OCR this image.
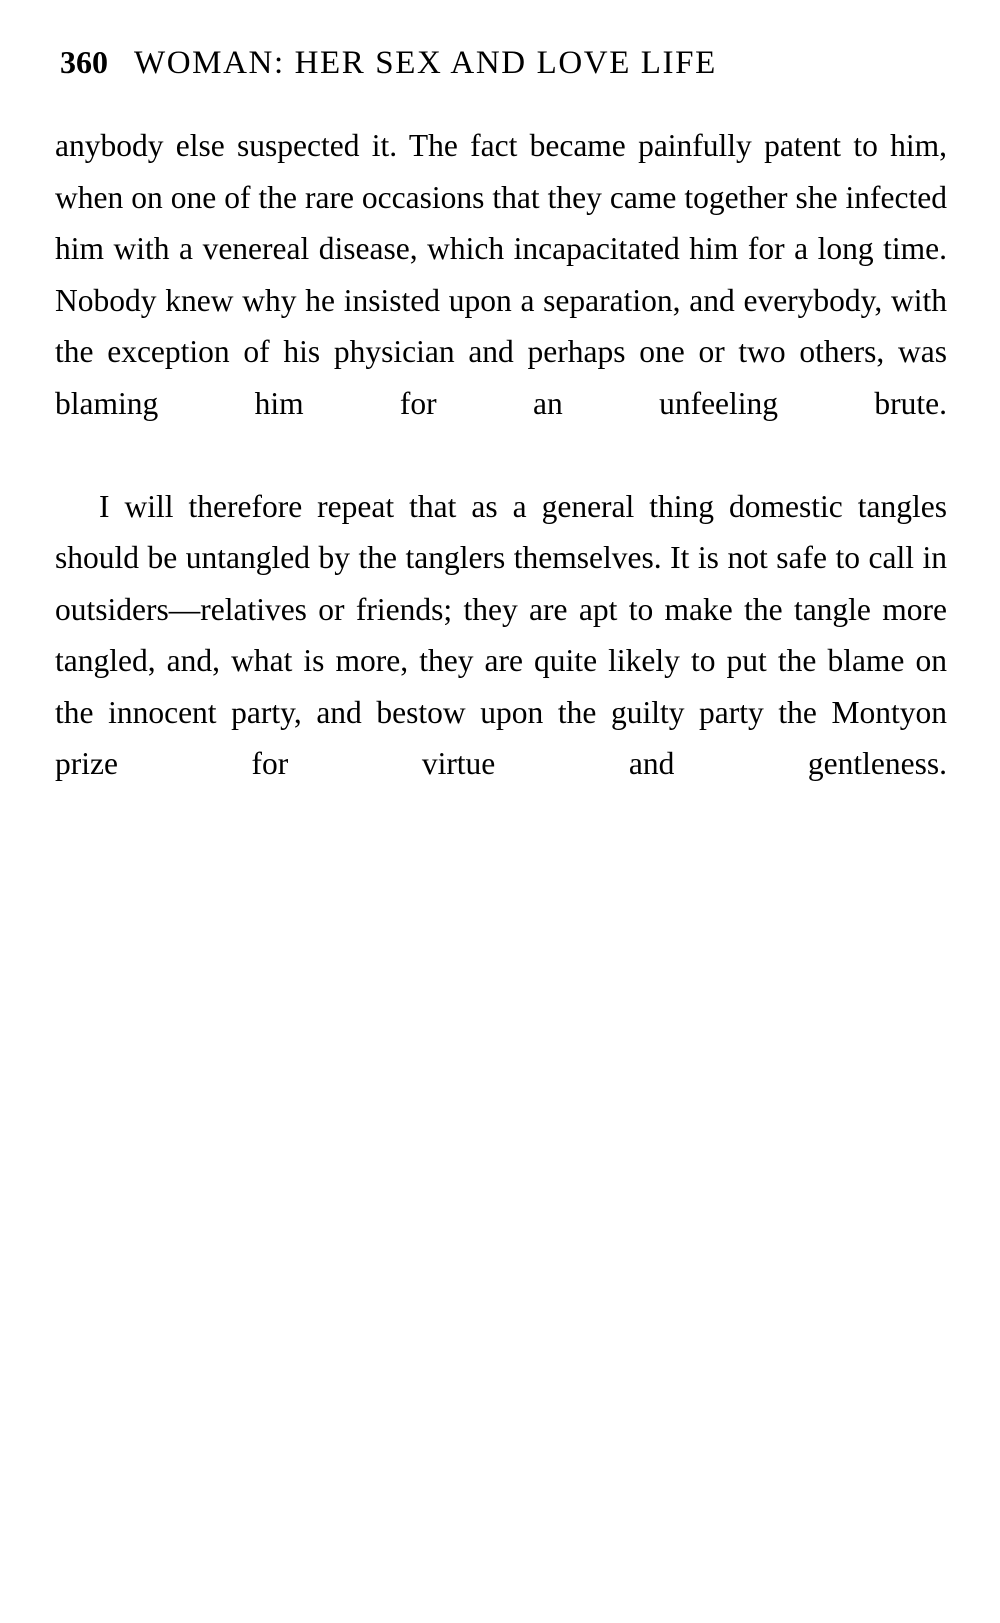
360 WOMAN: HER SEX AND LOVE LIFE

anybody else suspected it. The fact became painfully patent to him, when on one of the rare occasions that they came together she infected him with a venereal disease, which incapacitated him for a long time. Nobody knew why he insisted upon a separation, and everybody, with the exception of his physician and perhaps one or two others, was blaming him for an unfeeling brute.

I will therefore repeat that as a general thing domestic tangles should be untangled by the tanglers themselves. It is not safe to call in outsiders—relatives or friends; they are apt to make the tangle more tangled, and, what is more, they are quite likely to put the blame on the innocent party, and bestow upon the guilty party the Montyon prize for virtue and gentleness.
